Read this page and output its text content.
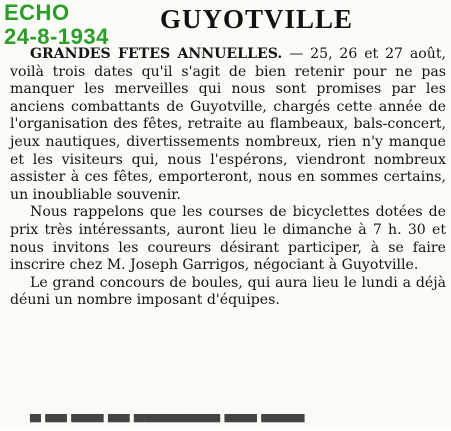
ECHO
24-8-1934
GUYOTVILLE

GRANDES FETES ANNUELLES. — 25, 26 et 27 août, voilà trois dates qu'il s'agit de bien retenir pour ne pas manquer les merveilles qui nous sont promises par les anciens combattants de Guyotville, chargés cette année de l'organisation des fêtes, retraite au flambeaux, bals-concert, jeux nautiques, divertissements nombreux, rien n'y manque et les visiteurs qui, nous l'espérons, viendront nombreux assister à ces fêtes, emporteront, nous en sommes certains, un inoubliable souvenir.

Nous rappelons que les courses de bicyclettes dotées de prix très intéressants, auront lieu le dimanche à 7 h. 30 et nous invitons les coureurs désirant participer, à se faire inscrire chez M. Joseph Garrigos, négociant à Guyotville.

Le grand concours de boules, qui aura lieu le lundi a déjà déuni un nombre imposant d'équipes.

▀ ▀▀ ▀▀▀ ▀▀ ▀▀▀▀▀▀▀▀ ▀▀▀ ▀▀▀▀
